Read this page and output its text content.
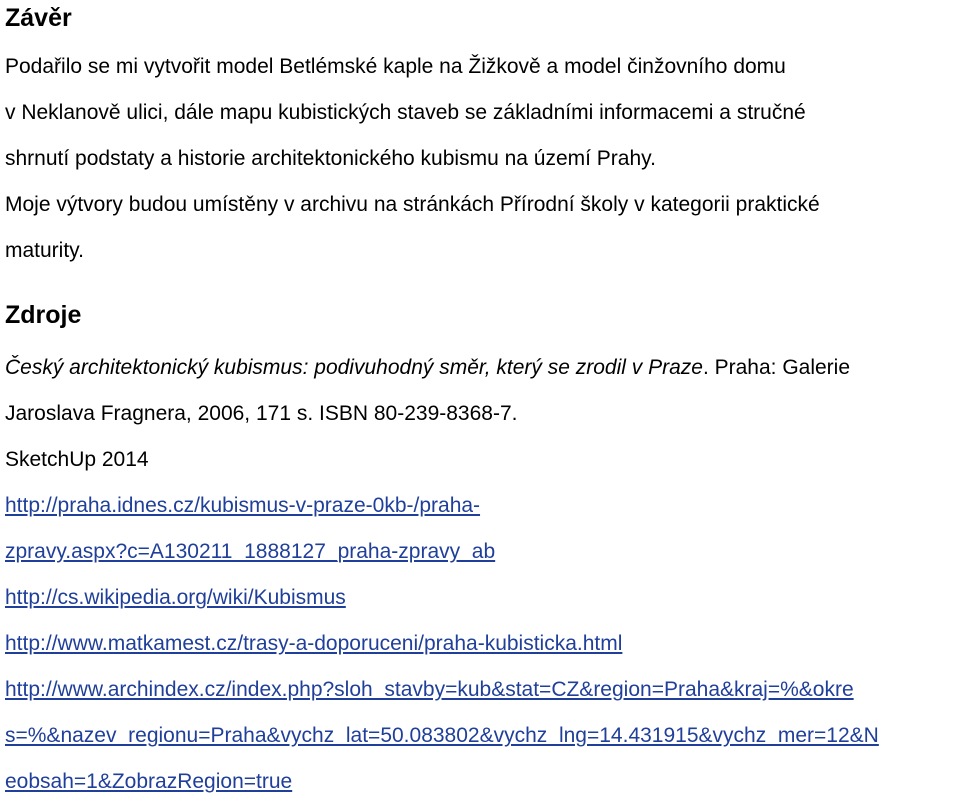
Závěr
Podařilo se mi vytvořit model Betlémské kaple na Žižkově a model činžovního domu
v Neklanově ulici, dále mapu kubistických staveb se základními informacemi a stručné
shrnutí podstaty a historie architektonického kubismu na území Prahy.
Moje výtvory budou umístěny v archivu na stránkách Přírodní školy v kategorii praktické
maturity.
Zdroje
Český architektonický kubismus: podivuhodný směr, který se zrodil v Praze. Praha: Galerie
Jaroslava Fragnera, 2006, 171 s. ISBN 80-239-8368-7.
SketchUp 2014
http://praha.idnes.cz/kubismus-v-praze-0kb-/praha-
zpravy.aspx?c=A130211_1888127_praha-zpravy_ab
http://cs.wikipedia.org/wiki/Kubismus
http://www.matkamest.cz/trasy-a-doporuceni/praha-kubisticka.html
http://www.archindex.cz/index.php?sloh_stavby=kub&stat=CZ&region=Praha&kraj=%&okre
s=%&nazev_regionu=Praha&vychz_lat=50.083802&vychz_lng=14.431915&vychz_mer=12&N
eobsah=1&ZobrazRegion=true
